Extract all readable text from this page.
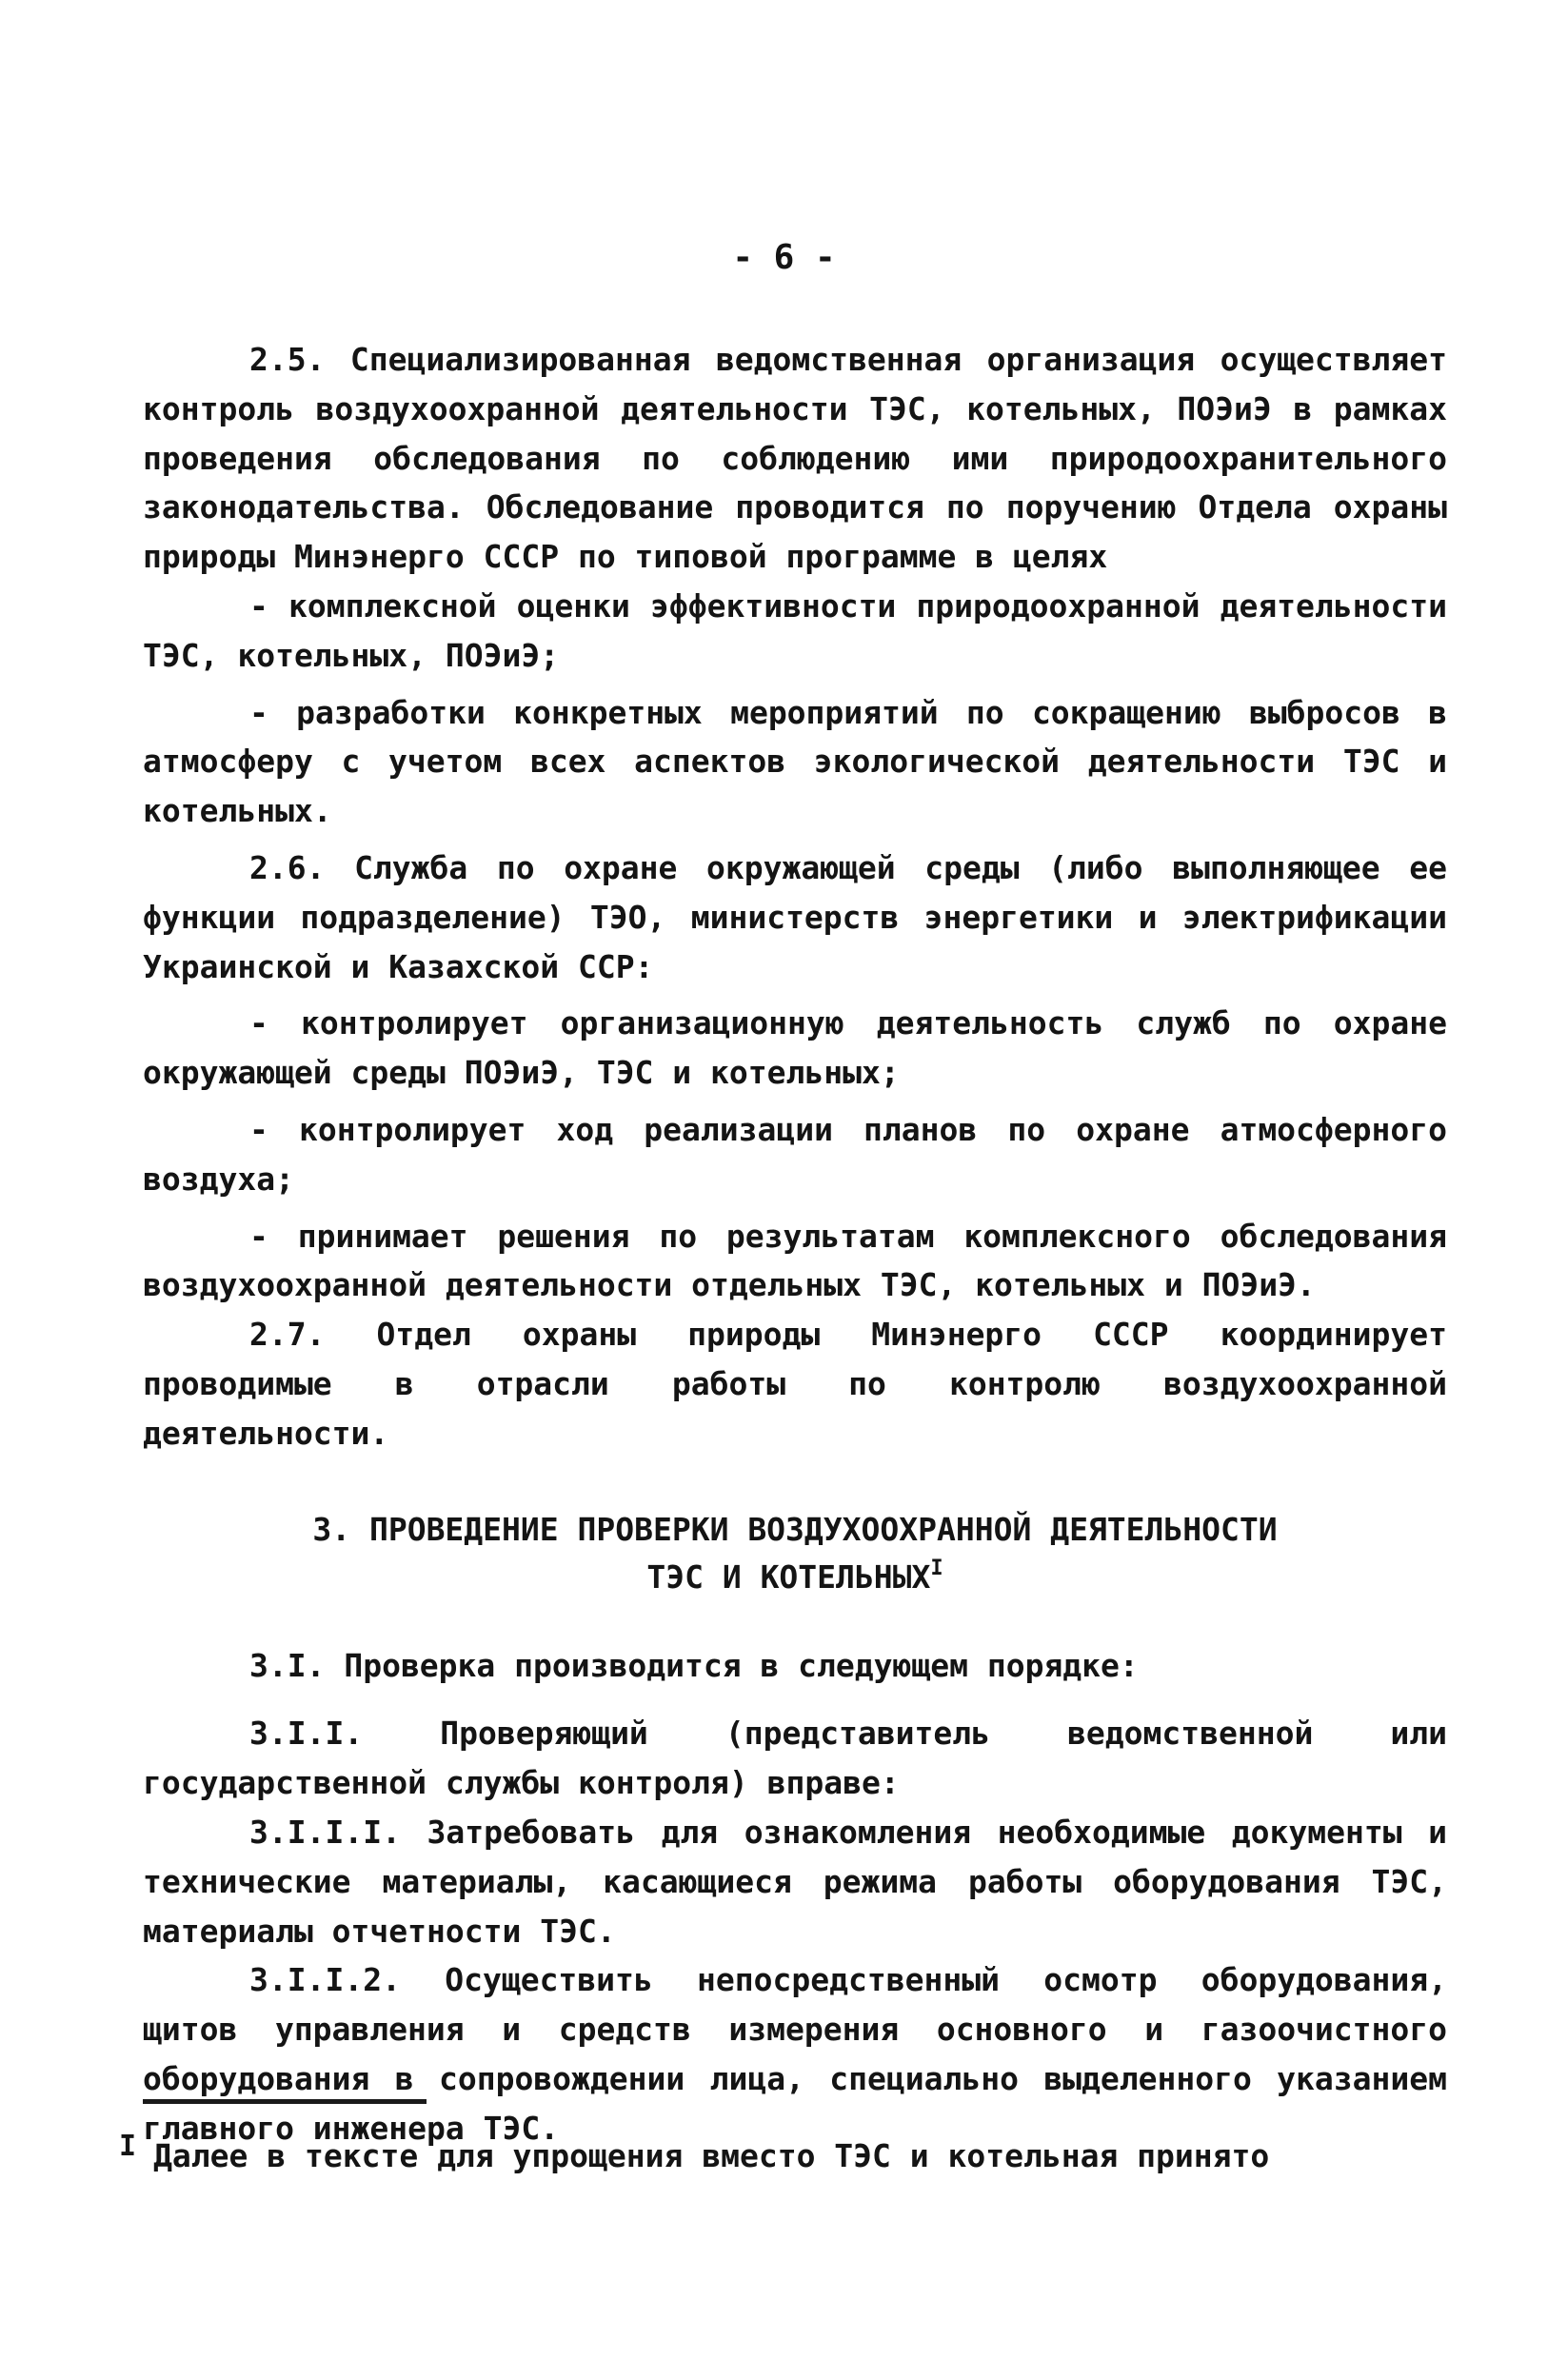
- 6 -

2.5. Специализированная ведомственная организация осуществляет контроль воздухоохранной деятельности ТЭС, котельных, ПОЭиЭ в рамках проведения обследования по соблюдению ими природоохранительного законодательства. Обследование проводится по поручению Отдела охраны природы Минэнерго СССР по типовой программе в целях

- комплексной оценки эффективности природоохранной деятельности ТЭС, котельных, ПОЭиЭ;

- разработки конкретных мероприятий по сокращению выбросов в атмосферу с учетом всех аспектов экологической деятельности ТЭС и котельных.

2.6. Служба по охране окружающей среды (либо выполняющее ее функции подразделение) ТЭО, министерств энергетики и электрификации Украинской и Казахской ССР:

- контролирует организационную деятельность служб по охране окружающей среды ПОЭиЭ, ТЭС и котельных;

- контролирует ход реализации планов по охране атмосферного воздуха;

- принимает решения по результатам комплексного обследования воздухоохранной деятельности отдельных ТЭС, котельных и ПОЭиЭ.

2.7. Отдел охраны природы Минэнерго СССР координирует проводимые в отрасли работы по контролю воздухоохранной деятельности.

3. ПРОВЕДЕНИЕ ПРОВЕРКИ ВОЗДУХООХРАННОЙ ДЕЯТЕЛЬНОСТИ
ТЭС И КОТЕЛЬНЫХ$^I$

3.I. Проверка производится в следующем порядке:

3.I.I. Проверяющий (представитель ведомственной или государственной службы контроля) вправе:

3.I.I.I. Затребовать для ознакомления необходимые документы и технические материалы, касающиеся режима работы оборудования ТЭС, материалы отчетности ТЭС.

3.I.I.2. Осуществить непосредственный осмотр оборудования, щитов управления и средств измерения основного и газоочистного оборудования в сопровождении лица, специально выделенного указанием главного инженера ТЭС.

I Далее в тексте для упрощения вместо ТЭС и котельная принято
